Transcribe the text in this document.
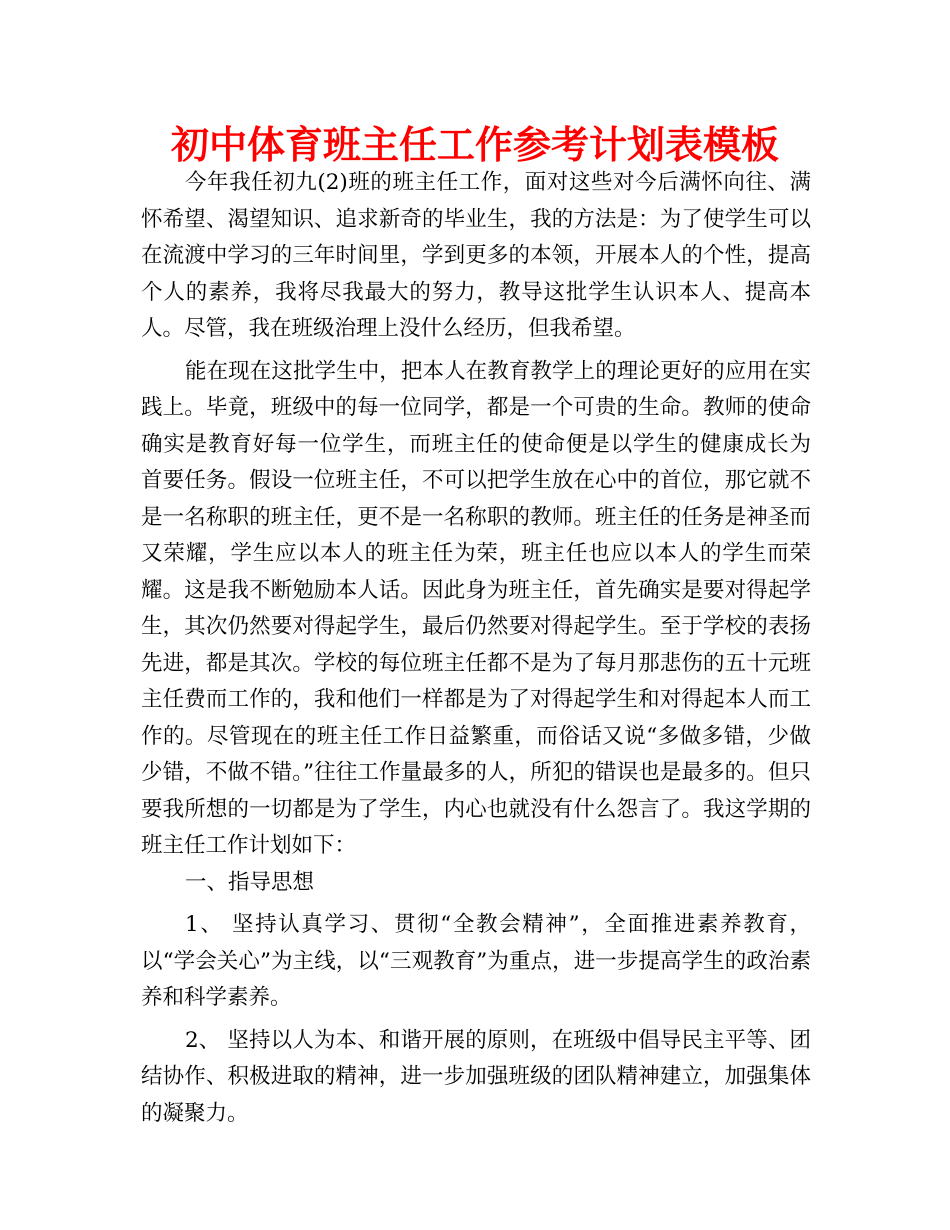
初中体育班主任工作参考计划表模板

今年我任初九(2)班的班主任工作，面对这些对今后满怀向往、满怀希望、渴望知识、追求新奇的毕业生，我的方法是：为了使学生可以在流渡中学习的三年时间里，学到更多的本领，开展本人的个性，提高个人的素养，我将尽我最大的努力，教导这批学生认识本人、提高本人。尽管，我在班级治理上没什么经历，但我希望。

能在现在这批学生中，把本人在教育教学上的理论更好的应用在实践上。毕竟，班级中的每一位同学，都是一个可贵的生命。教师的使命确实是教育好每一位学生，而班主任的使命便是以学生的健康成长为 首要任务。假设一位班主任，不可以把学生放在心中的首位，那它就不是一名称职的班主任，更不是一名称职的教师。班主任的任务是神圣而又荣耀，学生应以本人的班主任为荣，班主任也应以本人的学生而荣耀。这是我不断勉励本人话。因此身为班主任，首先确实是要对得起学生，其次仍然要对得起学生，最后仍然要对得起学生。至于学校的表扬先进，都是其次。学校的每位班主任都不是为了每月那悲伤的五十元班主任费而工作的，我和他们一样都是为了对得起学生和对得起本人而工作的。尽管现在的班主任工作日益繁重，而俗话又说“多做多错，少做少错，不做不错。”往往工作量最多的人，所犯的错误也是最多的。但只要我所想的一切都是为了学生，内心也就没有什么怨言了。我这学期的班主任工作计划如下：

一、指导思想

1、 坚持认真学习、贯彻“全教会精神”，全面推进素养教育，以“学会关心”为主线，以“三观教育”为重点，进一步提高学生的政治素养和科学素养。

2、 坚持以人为本、和谐开展的原则，在班级中倡导民主平等、团结协作、积极进取的精神，进一步加强班级的团队精神建立，加强集体的凝聚力。
